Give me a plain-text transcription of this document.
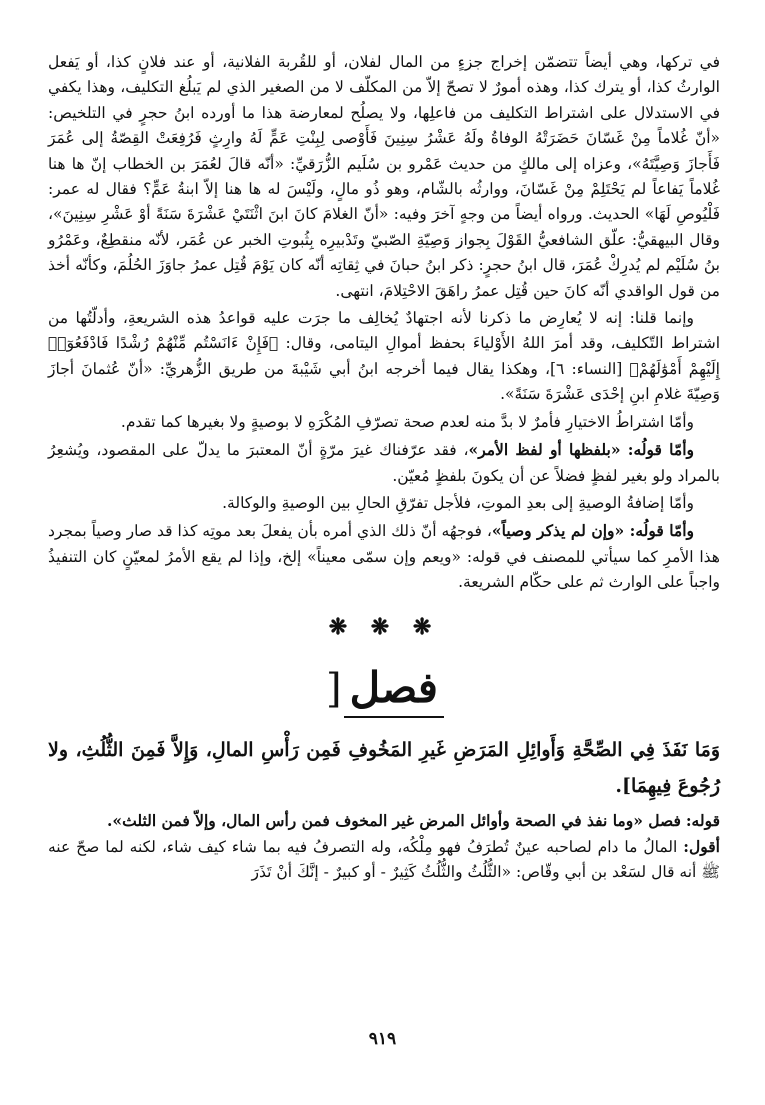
في تركها، وهي أيضاً تتضمّن إخراج جزءٍ من المال لفلان، أو للقُربة الفلانية، أو عند فلانٍ كذا، أو يَفعل الوارثُ كذا، أو يترك كذا، وهذه أمورٌ لا تصحّ إلاّ من المكلّف لا من الصغير الذي لم يَبلُغ التكليف، وهذا يكفي في الاستدلال على اشتراط التكليف من فاعلِها، ولا يصلُح لمعارضة هذا ما أورده ابنُ حجرٍ في التلخيص: «أنّ غُلاماً مِنْ غَسّانَ حَضَرَتْهُ الوفاةُ ولَهُ عَشْرُ سِنِينَ فَأَوْصى لِبِنْتِ عَمٍّ لَهُ وارِثٍ فَرُفِعَتْ القِصّةُ إلى عُمَرَ فَأَجازَ وَصِيَّتَهُ»، وعزاه إلى مالكٍ من حديث عَمْرو بن سُلَيم الزُّرَقيِّ: «أنّه قالَ لعُمَرَ بن الخطاب إنّ ها هنا غُلاماً يَفاعاً لم يَحْتَلِمْ مِنْ غَسّانَ، ووارثُه بالشّام، وهو ذُو مالٍ، ولَيْسَ له ها هنا إلاّ ابنةُ عَمٍّ؟ فقال له عمر: فَلْيُوصِ لَهَا» الحديث. ورواه أيضاً من وجهٍ آخرَ وفيه: «أنّ الغلامَ كانَ ابنَ اثْنَتَيْ عَشْرَةَ سَنَةً أوْ عَشْرِ سِنِينَ»، وقال البيهقيُّ: علّق الشافعيُّ القَوْلَ بِجواز وَصِيّةِ الصّبيّ وتَدْبيرِه بِثُبوتِ الخبر عن عُمَر، لأنّه منقطِعٌ، وعَمْرُو بنُ سُلَيْم لم يُدرِكْ عُمَرَ، قال ابنُ حجرٍ: ذكر ابنُ حبانَ في ثِقاتِه أنّه كان يَوْمَ قُتِل عمرُ جاوَزَ الحُلُمَ، وكأنّه أخذ من قول الواقدي أنّه كانَ حين قُتِل عمرُ راهَقَ الاحْتِلامَ، انتهى.

وإنما قلنا: إنه لا يُعارِض ما ذكرنا لأنه اجتهادٌ يُخالِف ما جرَت عليه قواعدُ هذه الشريعةِ، وأدلّتُها من اشتراط التّكليف، وقد أمرَ اللهُ الأَوْلياءَ بحفظ أموالِ اليتامى، وقال: ﴿فَإِنْ ءَانَسْتُم مِّنْهُمْ رُشْدًا فَادْفَعُوٓا۟ إِلَيْهِمْ أَمْوَٰلَهُمْ﴾ [النساء: ٦]، وهكذا يقال فيما أخرجه ابنُ أبي شَيْبةَ من طريق الزُّهريِّ: «أنّ عُثمانَ أجازَ وَصِيّةَ غلامِ ابنِ إحْدَى عَشْرَةَ سَنَةً».

وأمّا اشتراطُ الاختيارِ فأمرٌ لا بدَّ منه لعدم صحة تصرّفِ المُكْرَهِ لا بوصيةٍ ولا بغيرها كما تقدم.

وأمّا قولُه: «بلفظها أو لفظ الأمر»، فقد عرّفناك غيرَ مرّةٍ أنّ المعتبرَ ما يدلّ على المقصود، ويُشعِرُ بالمراد ولو بغير لفظٍ فضلاً عن أن يكونَ بلفظٍ مُعيّن.

وأمّا إضافةُ الوصيةِ إلى بعدِ الموتِ، فلأجل تفرّقِ الحالِ بين الوصيةِ والوكالة.

وأمّا قولُه: «وإن لم يذكر وصياً»، فوجهُه أنّ ذلك الذي أمره بأن يفعلَ بعد موتِه كذا قد صار وصياً بمجرد هذا الأمرِ كما سيأتي للمصنف في قوله: «ويعم وإن سمّى معيناً» إلخ، وإذا لم يقع الأمرُ لمعيّنٍ كان التنفيذُ واجباً على الوارث ثم على حكّام الشريعة.

❋ ❋ ❋
فصل[

وَمَا نَفَذَ فِي الصِّحَّةِ وَأَوائِلِ المَرَضِ غَيرِ المَخُوفِ فَمِن رَأْسِ المالِ، وَإِلاَّ فَمِنَ الثُّلُثِ، ولا رُجُوعَ فِيهِمَا].

قوله: فصل «وما نفذ في الصحة وأوائل المرض غير المخوف فمن رأس المال، وإلاّ فمن الثلث».

أقول: المالُ ما دام لصاحبه عينٌ تُطرَفُ فهو مِلْكُه، وله التصرفُ فيه بما شاء كيف شاء، لكنه لما صحّ عنه ﷺ أنه قال لسَعْد بن أبي وقّاص: «الثُّلُثُ والثُّلُثُ كَثِيرٌ - أو كبيرٌ - إنَّكَ أنْ تَذَرَ

٩١٩
